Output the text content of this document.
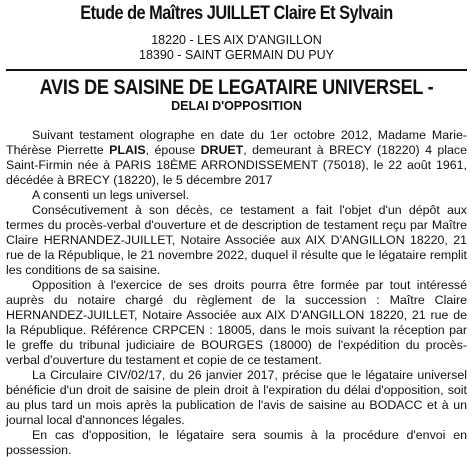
Etude de Maîtres JUILLET Claire Et Sylvain
18220 - LES AIX D'ANGILLON
18390 - SAINT GERMAIN DU PUY
AVIS DE SAISINE DE LEGATAIRE UNIVERSEL -
DELAI D'OPPOSITION

Suivant testament olographe en date du 1er octobre 2012, Madame Marie-Thérèse Pierrette PLAIS, épouse DRUET, demeurant à BRECY (18220) 4 place Saint-Firmin née à PARIS 18ÈME ARRONDISSEMENT (75018), le 22 août 1961, décédée à BRECY (18220), le 5 décembre 2017

A consenti un legs universel.

Consécutivement à son décès, ce testament a fait l'objet d'un dépôt aux termes du procès-verbal d'ouverture et de description de testament reçu par Maître Claire HERNANDEZ-JUILLET, Notaire Associée aux AIX D'ANGILLON 18220, 21 rue de la République, le 21 novembre 2022, duquel il résulte que le légataire remplit les conditions de sa saisine.

Opposition à l'exercice de ses droits pourra être formée par tout intéressé auprès du notaire chargé du règlement de la succession : Maître Claire HERNANDEZ-JUILLET, Notaire Associée aux AIX D'ANGILLON 18220, 21 rue de la République. Référence CRPCEN : 18005, dans le mois suivant la réception par le greffe du tribunal judiciaire de BOURGES (18000) de l'expédition du procès-verbal d'ouverture du testament et copie de ce testament.

La Circulaire CIV/02/17, du 26 janvier 2017, précise que le légataire universel bénéficie d'un droit de saisine de plein droit à l'expiration du délai d'opposition, soit au plus tard un mois après la publication de l'avis de saisine au BODACC et à un journal local d'annonces légales.

En cas d'opposition, le légataire sera soumis à la procédure d'envoi en possession.
